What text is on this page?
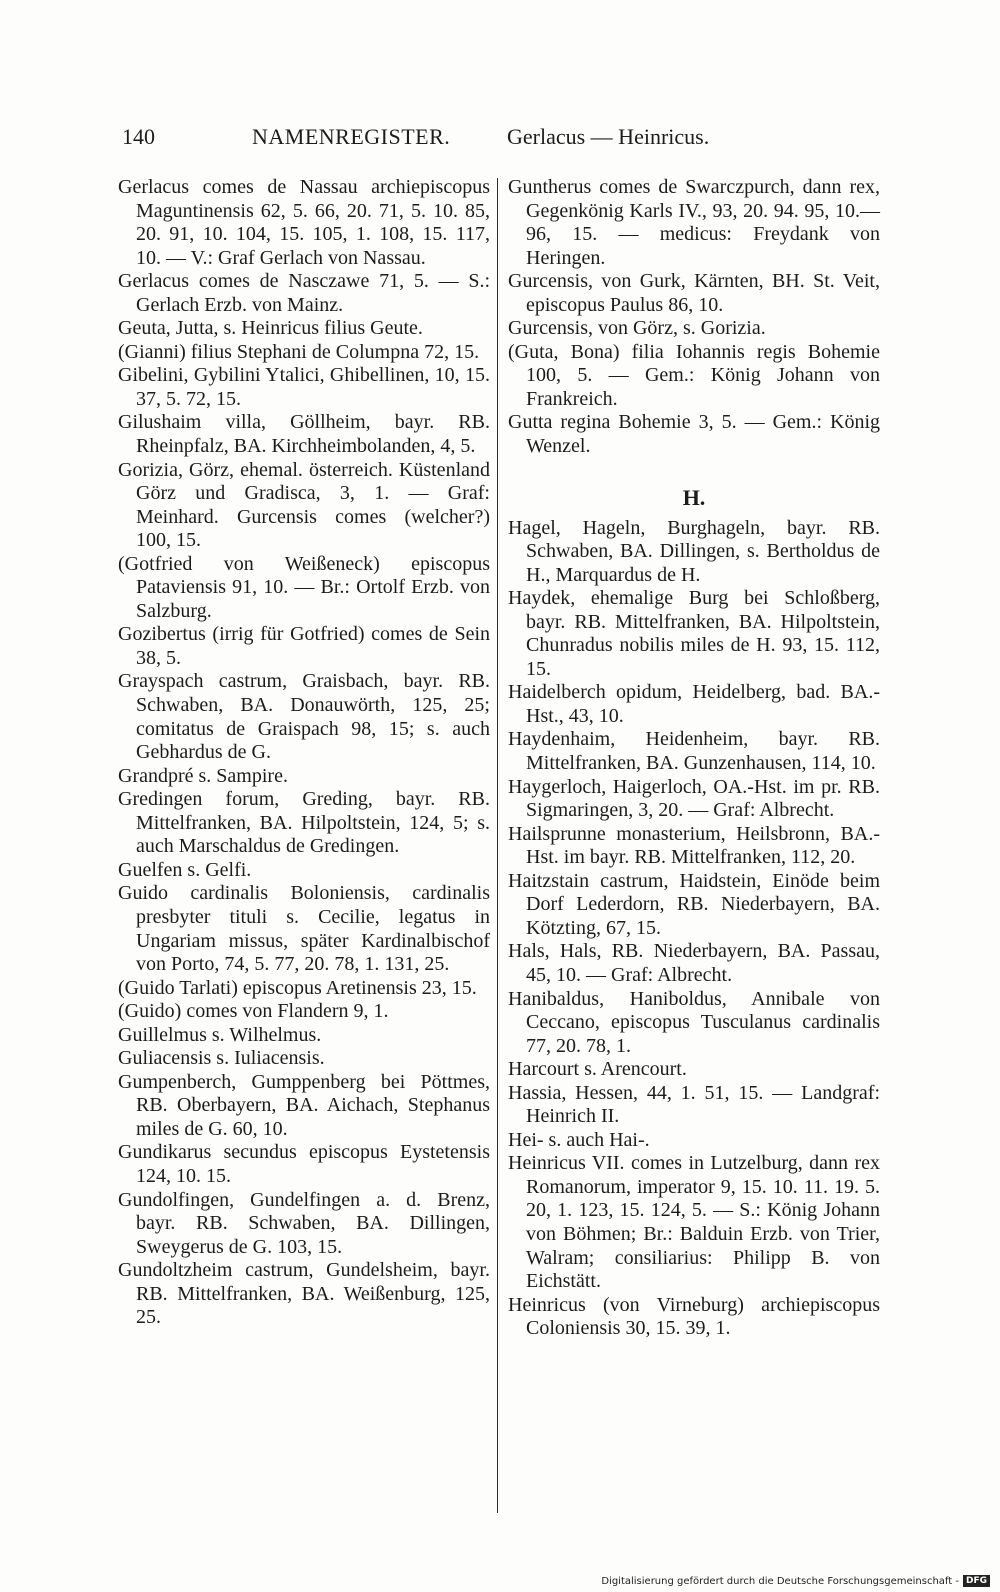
140	NAMENREGISTER.	Gerlacus — Heinricus.

Gerlacus comes de Nassau archiepiscopus Maguntinensis 62, 5. 66, 20. 71, 5. 10. 85, 20. 91, 10. 104, 15. 105, 1. 108, 15. 117, 10. — V.: Graf Gerlach von Nassau.

Gerlacus comes de Nasczawe 71, 5. — S.: Gerlach Erzb. von Mainz.

Geuta, Jutta, s. Heinricus filius Geute.

(Gianni) filius Stephani de Columpna 72, 15.

Gibelini, Gybilini Ytalici, Ghibellinen, 10, 15. 37, 5. 72, 15.

Gilushaim villa, Göllheim, bayr. RB. Rheinpfalz, BA. Kirchheimbolanden, 4, 5.

Gorizia, Görz, ehemal. österreich. Küstenland Görz und Gradisca, 3, 1. — Graf: Meinhard. Gurcensis comes (welcher?) 100, 15.

(Gotfried von Weißeneck) episcopus Pataviensis 91, 10. — Br.: Ortolf Erzb. von Salzburg.

Gozibertus (irrig für Gotfried) comes de Sein 38, 5.

Grayspach castrum, Graisbach, bayr. RB. Schwaben, BA. Donauwörth, 125, 25; comitatus de Graispach 98, 15; s. auch Gebhardus de G.

Grandpré s. Sampire.

Gredingen forum, Greding, bayr. RB. Mittelfranken, BA. Hilpoltstein, 124, 5; s. auch Marschaldus de Gredingen.

Guelfen s. Gelfi.

Guido cardinalis Boloniensis, cardinalis presbyter tituli s. Cecilie, legatus in Ungariam missus, später Kardinalbischof von Porto, 74, 5. 77, 20. 78, 1. 131, 25.

(Guido Tarlati) episcopus Aretinensis 23, 15.

(Guido) comes von Flandern 9, 1.

Guillelmus s. Wilhelmus.

Guliacensis s. Iuliacensis.

Gumpenberch, Gumppenberg bei Pöttmes, RB. Oberbayern, BA. Aichach, Stephanus miles de G. 60, 10.

Gundikarus secundus episcopus Eystetensis 124, 10. 15.

Gundolfingen, Gundelfingen a. d. Brenz, bayr. RB. Schwaben, BA. Dillingen, Sweygerus de G. 103, 15.

Gundoltzheim castrum, Gundelsheim, bayr. RB. Mittelfranken, BA. Weißenburg, 125, 25.

Guntherus comes de Swarczpurch, dann rex, Gegenkönig Karls IV., 93, 20. 94. 95, 10.—96, 15. — medicus: Freydank von Heringen.

Gurcensis, von Gurk, Kärnten, BH. St. Veit, episcopus Paulus 86, 10.

Gurcensis, von Görz, s. Gorizia.

(Guta, Bona) filia Iohannis regis Bohemie 100, 5. — Gem.: König Johann von Frankreich.

Gutta regina Bohemie 3, 5. — Gem.: König Wenzel.

H.

Hagel, Hageln, Burghageln, bayr. RB. Schwaben, BA. Dillingen, s. Bertholdus de H., Marquardus de H.

Haydek, ehemalige Burg bei Schloßberg, bayr. RB. Mittelfranken, BA. Hilpoltstein, Chunradus nobilis miles de H. 93, 15. 112, 15.

Haidelberch opidum, Heidelberg, bad. BA.-Hst., 43, 10.

Haydenhaim, Heidenheim, bayr. RB. Mittelfranken, BA. Gunzenhausen, 114, 10.

Haygerloch, Haigerloch, OA.-Hst. im pr. RB. Sigmaringen, 3, 20. — Graf: Albrecht.

Hailsprunne monasterium, Heilsbronn, BA.-Hst. im bayr. RB. Mittelfranken, 112, 20.

Haitzstain castrum, Haidstein, Einöde beim Dorf Lederdorn, RB. Niederbayern, BA. Kötzting, 67, 15.

Hals, Hals, RB. Niederbayern, BA. Passau, 45, 10. — Graf: Albrecht.

Hanibaldus, Haniboldus, Annibale von Ceccano, episcopus Tusculanus cardinalis 77, 20. 78, 1.

Harcourt s. Arencourt.

Hassia, Hessen, 44, 1. 51, 15. — Landgraf: Heinrich II.

Hei- s. auch Hai-.

Heinricus VII. comes in Lutzelburg, dann rex Romanorum, imperator 9, 15. 10. 11. 19. 5. 20, 1. 123, 15. 124, 5. — S.: König Johann von Böhmen; Br.: Balduin Erzb. von Trier, Walram; consiliarius: Philipp B. von Eichstätt.

Heinricus (von Virneburg) archiepiscopus Coloniensis 30, 15. 39, 1.

Digitalisierung gefördert durch die Deutsche Forschungsgemeinschaft - DFG
